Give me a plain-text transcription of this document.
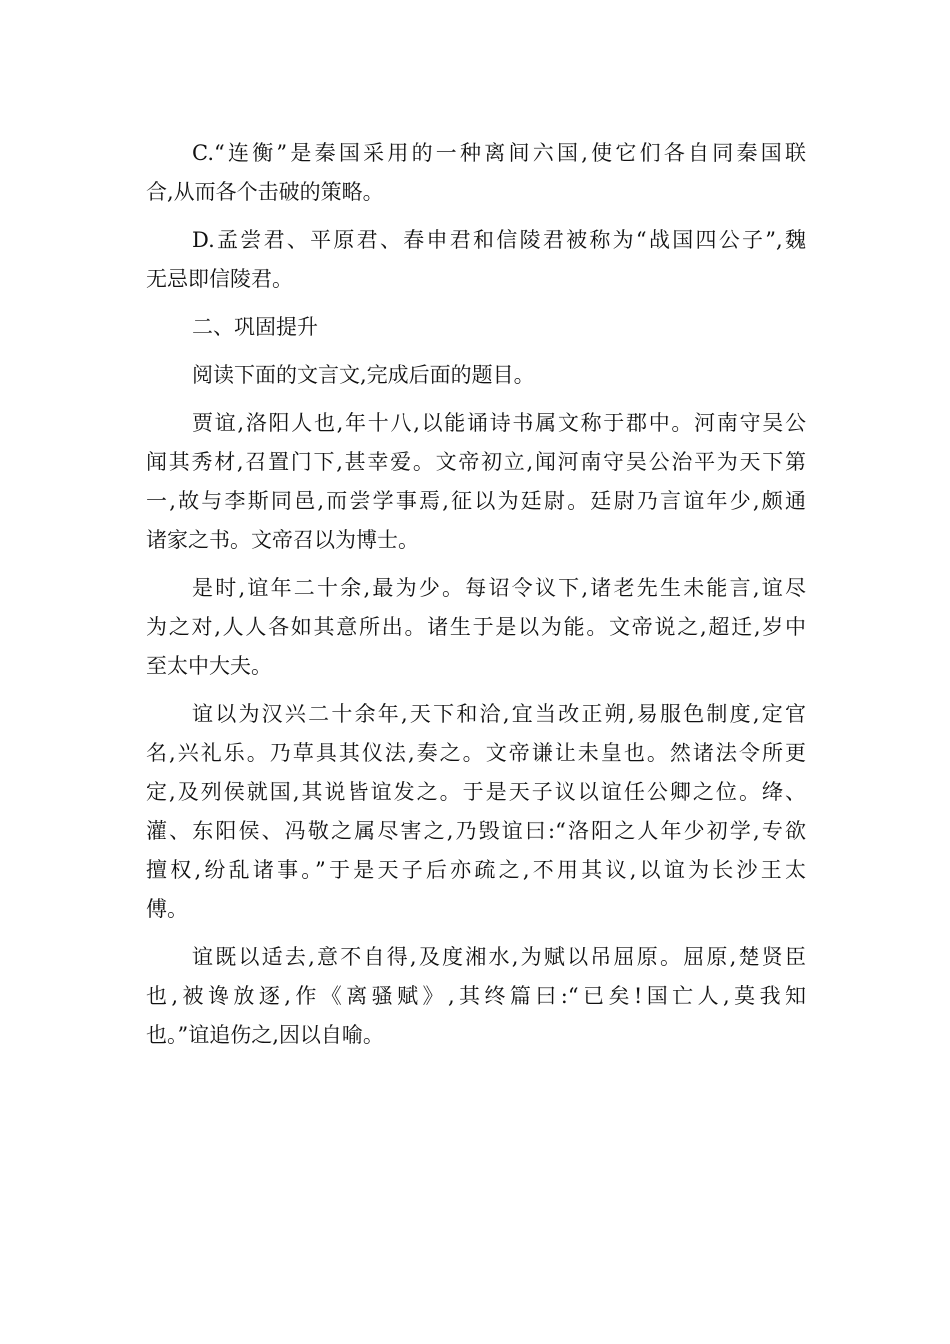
C.“连衡”是秦国采用的一种离间六国,使它们各自同秦国联
合,从而各个击破的策略。
D.孟尝君、平原君、春申君和信陵君被称为“战国四公子”,魏
无忌即信陵君。
二、巩固提升
阅读下面的文言文,完成后面的题目。
贾谊,洛阳人也,年十八,以能诵诗书属文称于郡中。河南守吴公
闻其秀材,召置门下,甚幸爱。文帝初立,闻河南守吴公治平为天下第
一,故与李斯同邑,而尝学事焉,征以为廷尉。廷尉乃言谊年少,颇通
诸家之书。文帝召以为博士。
是时,谊年二十余,最为少。每诏令议下,诸老先生未能言,谊尽
为之对,人人各如其意所出。诸生于是以为能。文帝说之,超迁,岁中
至太中大夫。
谊以为汉兴二十余年,天下和洽,宜当改正朔,易服色制度,定官
名,兴礼乐。乃草具其仪法,奏之。文帝谦让未皇也。然诸法令所更
定,及列侯就国,其说皆谊发之。于是天子议以谊任公卿之位。绛、
灌、东阳侯、冯敬之属尽害之,乃毁谊曰:“洛阳之人年少初学,专欲
擅权,纷乱诸事。”于是天子后亦疏之,不用其议,以谊为长沙王太
傅。
谊既以适去,意不自得,及度湘水,为赋以吊屈原。屈原,楚贤臣
也,被谗放逐,作《离骚赋》,其终篇曰:“已矣!国亡人,莫我知
也。”谊追伤之,因以自喻。
